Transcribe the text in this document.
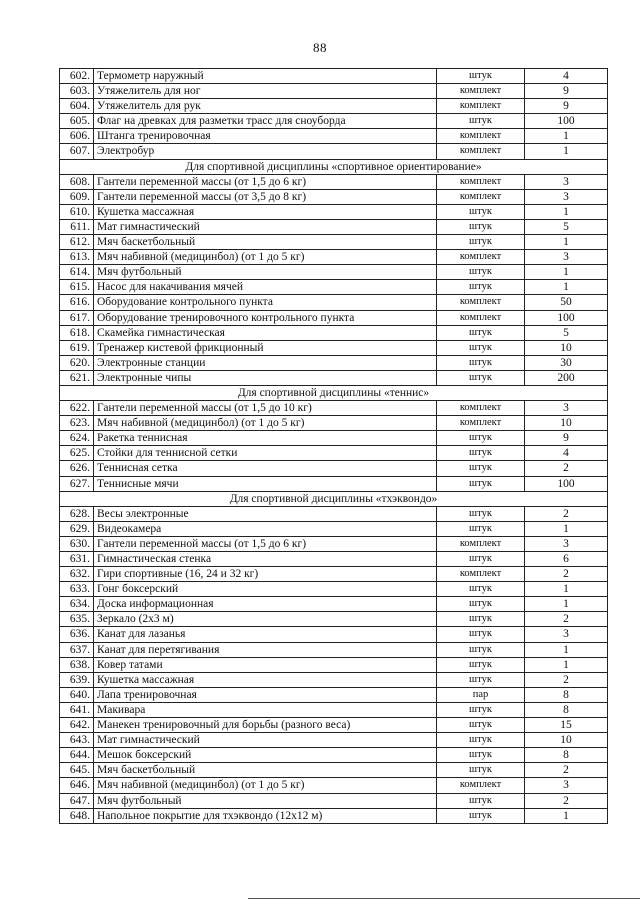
88
602.	Термометр наружный	штук	4
603.	Утяжелитель для ног	комплект	9
604.	Утяжелитель для рук	комплект	9
605.	Флаг на древках для разметки трасс для сноуборда	штук	100
606.	Штанга тренировочная	комплект	1
607.	Электробур	комплект	1
Для спортивной дисциплины «спортивное ориентирование»			
608.	Гантели переменной массы (от 1,5 до 6 кг)	комплект	3
609.	Гантели переменной массы (от 3,5 до 8 кг)	комплект	3
610.	Кушетка массажная	штук	1
611.	Мат гимнастический	штук	5
612.	Мяч баскетбольный	штук	1
613.	Мяч набивной (медицинбол) (от 1 до 5 кг)	комплект	3
614.	Мяч футбольный	штук	1
615.	Насос для накачивания мячей	штук	1
616.	Оборудование контрольного пункта	комплект	50
617.	Оборудование тренировочного контрольного пункта	комплект	100
618.	Скамейка гимнастическая	штук	5
619.	Тренажер кистевой фрикционный	штук	10
620.	Электронные станции	штук	30
621.	Электронные чипы	штук	200
Для спортивной дисциплины «теннис»			
622.	Гантели переменной массы (от 1,5 до 10 кг)	комплект	3
623.	Мяч набивной (медицинбол) (от 1 до 5 кг)	комплект	10
624.	Ракетка теннисная	штук	9
625.	Стойки для теннисной сетки	штук	4
626.	Теннисная сетка	штук	2
627.	Теннисные мячи	штук	100
Для спортивной дисциплины «тхэквондо»			
628.	Весы электронные	штук	2
629.	Видеокамера	штук	1
630.	Гантели переменной массы (от 1,5 до 6 кг)	комплект	3
631.	Гимнастическая стенка	штук	6
632.	Гири спортивные (16, 24 и 32 кг)	комплект	2
633.	Гонг боксерский	штук	1
634.	Доска информационная	штук	1
635.	Зеркало (2х3 м)	штук	2
636.	Канат для лазанья	штук	3
637.	Канат для перетягивания	штук	1
638.	Ковер татами	штук	1
639.	Кушетка массажная	штук	2
640.	Лапа тренировочная	пар	8
641.	Макивара	штук	8
642.	Манекен тренировочный для борьбы (разного веса)	штук	15
643.	Мат гимнастический	штук	10
644.	Мешок боксерский	штук	8
645.	Мяч баскетбольный	штук	2
646.	Мяч набивной (медицинбол) (от 1 до 5 кг)	комплект	3
647.	Мяч футбольный	штук	2
648.	Напольное покрытие для тхэквондо (12х12 м)	штук	1
